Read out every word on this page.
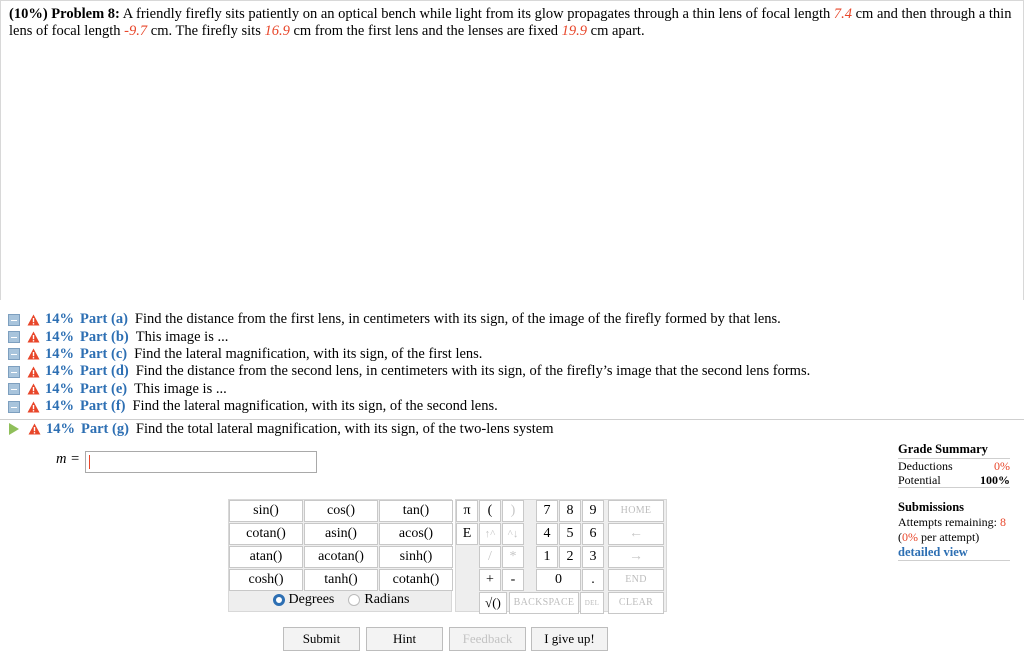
(10%) Problem 8: A friendly firefly sits patiently on an optical bench while light from its glow propagates through a thin lens of focal length 7.4 cm and then through a thin lens of focal length -9.7 cm. The firefly sits 16.9 cm from the first lens and the lenses are fixed 19.9 cm apart.
14% Part (a) Find the distance from the first lens, in centimeters with its sign, of the image of the firefly formed by that lens.
14% Part (b) This image is ...
14% Part (c) Find the lateral magnification, with its sign, of the first lens.
14% Part (d) Find the distance from the second lens, in centimeters with its sign, of the firefly’s image that the second lens forms.
14% Part (e) This image is ...
14% Part (f) Find the lateral magnification, with its sign, of the second lens.
14% Part (g) Find the total lateral magnification, with its sign, of the two-lens system
m =
sin()	cos()	tan()
cotan()	asin()	acos()
atan()	acotan()	sinh()
cosh()	tanh()	cotanh()
Degrees Radians
π	(	)
E	↑^	^↓
/	*
+	-
√()
7	8	9
4	5	6
1	2	3
0	.
HOME
←
→
END
BACKSPACE	DEL	CLEAR
Submit	Hint	Feedback	I give up!
Grade Summary
Deductions	0%
Potential	100%
Submissions
Attempts remaining: 8
(0% per attempt)
detailed view
